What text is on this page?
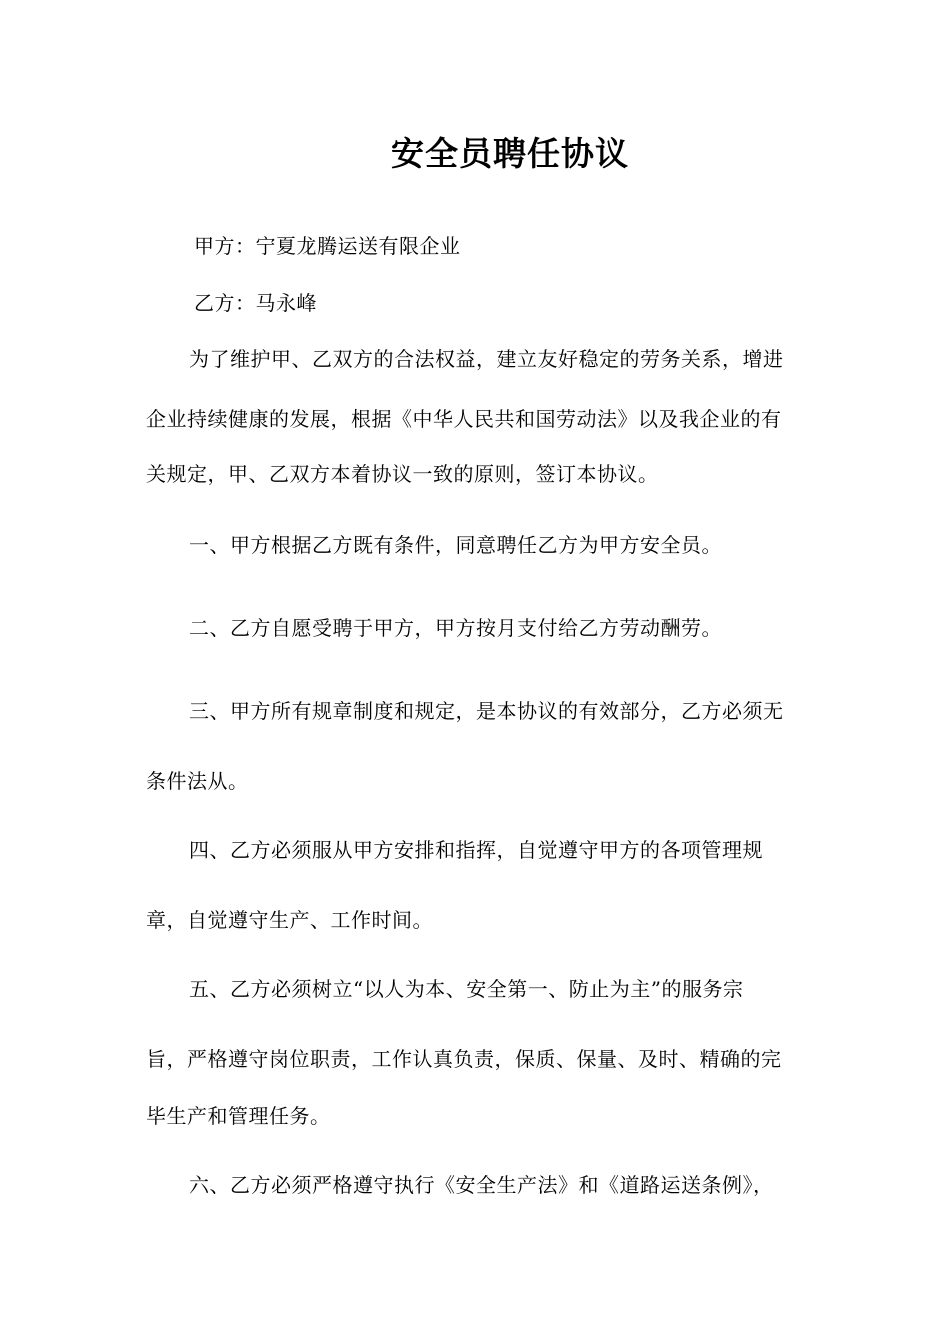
安全员聘任协议
甲方：宁夏龙腾运送有限企业
乙方：马永峰
为了维护甲、乙双方的合法权益，建立友好稳定的劳务关系，增进
企业持续健康的发展，根据《中华人民共和国劳动法》以及我企业的有
关规定，甲、乙双方本着协议一致的原则，签订本协议。
一、甲方根据乙方既有条件，同意聘任乙方为甲方安全员。
二、乙方自愿受聘于甲方，甲方按月支付给乙方劳动酬劳。
三、甲方所有规章制度和规定，是本协议的有效部分，乙方必须无
条件法从。
四、乙方必须服从甲方安排和指挥，自觉遵守甲方的各项管理规
章，自觉遵守生产、工作时间。
五、乙方必须树立“以人为本、安全第一、防止为主”的服务宗
旨，严格遵守岗位职责，工作认真负责，保质、保量、及时、精确的完
毕生产和管理任务。
六、乙方必须严格遵守执行《安全生产法》和《道路运送条例》，
